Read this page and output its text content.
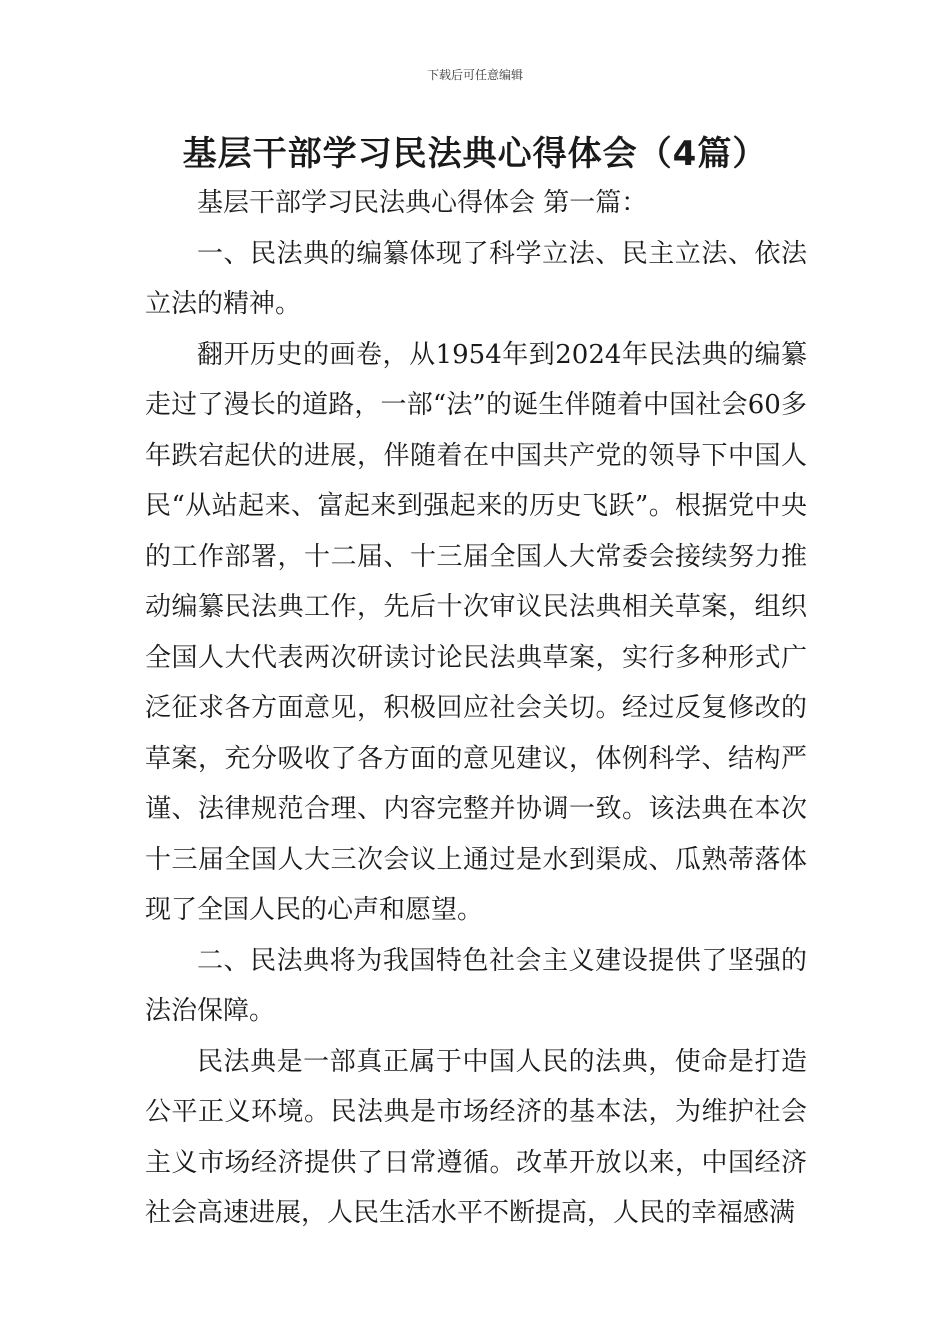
下载后可任意编辑
基层干部学习民法典心得体会（4篇）

基层干部学习民法典心得体会 第一篇：

一、民法典的编纂体现了科学立法、民主立法、依法立法的精神。

翻开历史的画卷，从1954年到2024年民法典的编纂走过了漫长的道路，一部“法”的诞生伴随着中国社会60多年跌宕起伏的进展，伴随着在中国共产党的领导下中国人民“从站起来、富起来到强起来的历史飞跃”。根据党中央的工作部署，十二届、十三届全国人大常委会接续努力推动编纂民法典工作，先后十次审议民法典相关草案，组织全国人大代表两次研读讨论民法典草案，实行多种形式广泛征求各方面意见，积极回应社会关切。经过反复修改的草案，充分吸收了各方面的意见建议，体例科学、结构严谨、法律规范合理、内容完整并协调一致。该法典在本次十三届全国人大三次会议上通过是水到渠成、瓜熟蒂落体现了全国人民的心声和愿望。

二、民法典将为我国特色社会主义建设提供了坚强的法治保障。

民法典是一部真正属于中国人民的法典，使命是打造公平正义环境。民法典是市场经济的基本法，为维护社会主义市场经济提供了日常遵循。改革开放以来，中国经济社会高速进展，人民生活水平不断提高，人民的幸福感满
